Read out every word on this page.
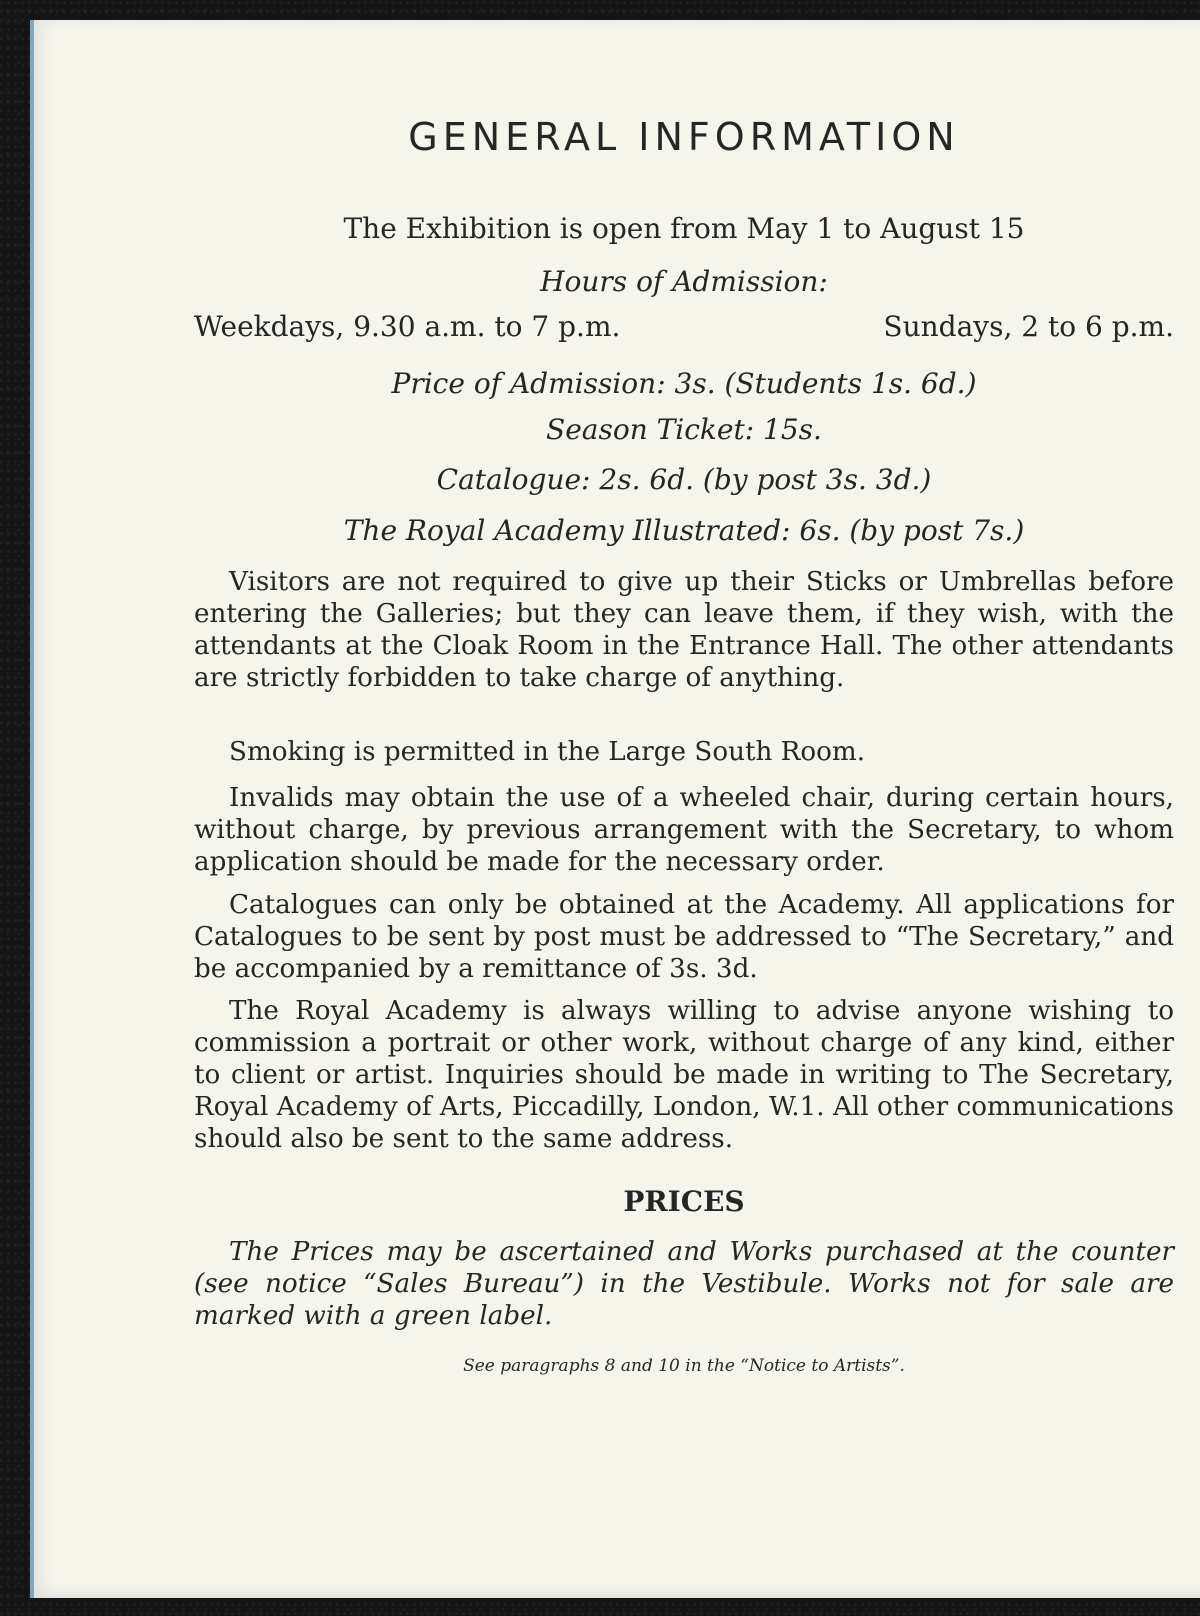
GENERAL INFORMATION

The Exhibition is open from May 1 to August 15

Hours of Admission:

Weekdays, 9.30 a.m. to 7 p.m.	Sundays, 2 to 6 p.m.

Price of Admission: 3s. (Students 1s. 6d.)

Season Ticket: 15s.

Catalogue: 2s. 6d. (by post 3s. 3d.)

The Royal Academy Illustrated: 6s. (by post 7s.)

Visitors are not required to give up their Sticks or Umbrellas before entering the Galleries; but they can leave them, if they wish, with the attendants at the Cloak Room in the Entrance Hall. The other attendants are strictly forbidden to take charge of anything.

Smoking is permitted in the Large South Room.

Invalids may obtain the use of a wheeled chair, during certain hours, without charge, by previous arrangement with the Secretary, to whom application should be made for the necessary order.

Catalogues can only be obtained at the Academy. All applications for Catalogues to be sent by post must be addressed to “The Secretary,” and be accompanied by a remittance of 3s. 3d.

The Royal Academy is always willing to advise anyone wishing to commission a portrait or other work, without charge of any kind, either to client or artist. Inquiries should be made in writing to The Secretary, Royal Academy of Arts, Piccadilly, London, W.1. All other communications should also be sent to the same address.

PRICES

The Prices may be ascertained and Works purchased at the counter (see notice “Sales Bureau”) in the Vestibule. Works not for sale are marked with a green label.

See paragraphs 8 and 10 in the “Notice to Artists”.
